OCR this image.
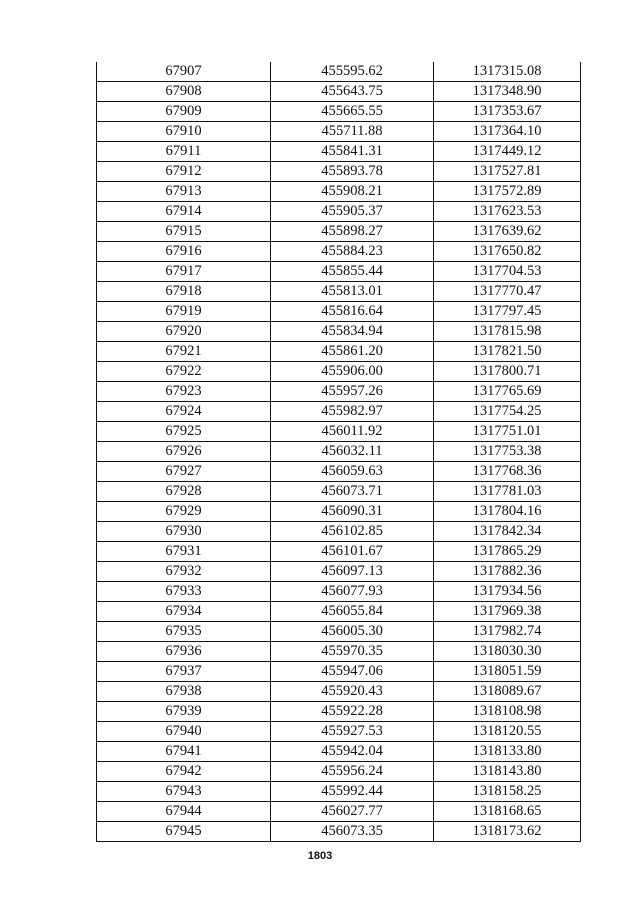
67907	455595.62	1317315.08
67908	455643.75	1317348.90
67909	455665.55	1317353.67
67910	455711.88	1317364.10
67911	455841.31	1317449.12
67912	455893.78	1317527.81
67913	455908.21	1317572.89
67914	455905.37	1317623.53
67915	455898.27	1317639.62
67916	455884.23	1317650.82
67917	455855.44	1317704.53
67918	455813.01	1317770.47
67919	455816.64	1317797.45
67920	455834.94	1317815.98
67921	455861.20	1317821.50
67922	455906.00	1317800.71
67923	455957.26	1317765.69
67924	455982.97	1317754.25
67925	456011.92	1317751.01
67926	456032.11	1317753.38
67927	456059.63	1317768.36
67928	456073.71	1317781.03
67929	456090.31	1317804.16
67930	456102.85	1317842.34
67931	456101.67	1317865.29
67932	456097.13	1317882.36
67933	456077.93	1317934.56
67934	456055.84	1317969.38
67935	456005.30	1317982.74
67936	455970.35	1318030.30
67937	455947.06	1318051.59
67938	455920.43	1318089.67
67939	455922.28	1318108.98
67940	455927.53	1318120.55
67941	455942.04	1318133.80
67942	455956.24	1318143.80
67943	455992.44	1318158.25
67944	456027.77	1318168.65
67945	456073.35	1318173.62
1803
